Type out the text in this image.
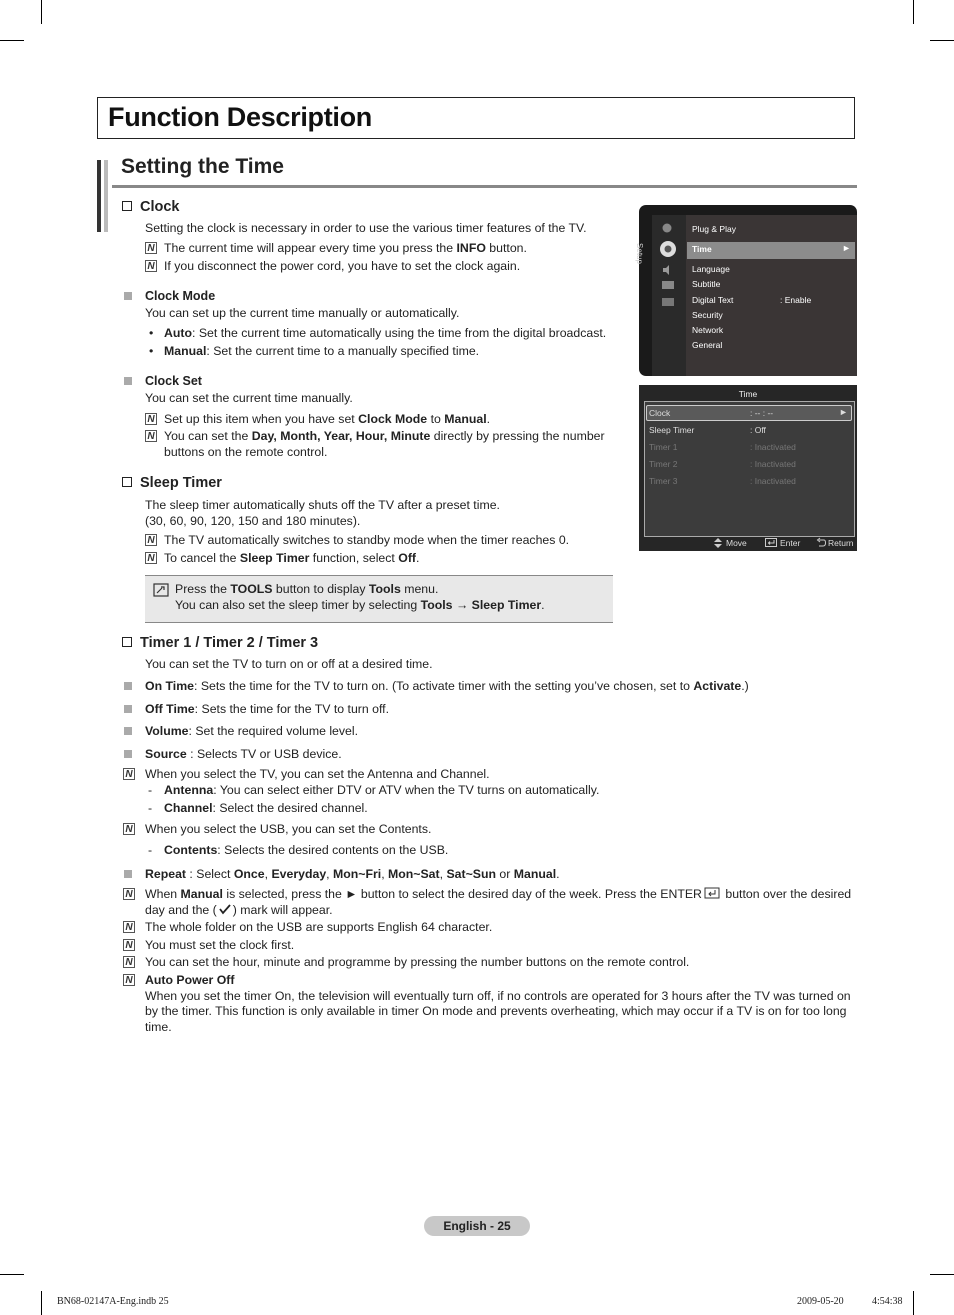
Function Description
Setting the Time
Clock
Setting the clock is necessary in order to use the various timer features of the TV.
N The current time will appear every time you press the INFO button.
N If you disconnect the power cord, you have to set the clock again.
Clock Mode
You can set up the current time manually or automatically.
• Auto: Set the current time automatically using the time from the digital broadcast.
• Manual: Set the current time to a manually specified time.
Clock Set
You can set the current time manually.
N Set up this item when you have set Clock Mode to Manual.
N You can set the Day, Month, Year, Hour, Minute directly by pressing the number
buttons on the remote control.
Sleep Timer
The sleep timer automatically shuts off the TV after a preset time.
(30, 60, 90, 120, 150 and 180 minutes).
N The TV automatically switches to standby mode when the timer reaches 0.
N To cancel the Sleep Timer function, select Off.
Press the TOOLS button to display Tools menu.
You can also set the sleep timer by selecting Tools → Sleep Timer.
Timer 1 / Timer 2 / Timer 3
You can set the TV to turn on or off at a desired time.
On Time: Sets the time for the TV to turn on. (To activate timer with the setting you’ve chosen, set to Activate.)
Off Time: Sets the time for the TV to turn off.
Volume: Set the required volume level.
Source : Selects TV or USB device.
N When you select the TV, you can set the Antenna and Channel.
- Antenna: You can select either DTV or ATV when the TV turns on automatically.
- Channel: Select the desired channel.
N When you select the USB, you can set the Contents.
- Contents: Selects the desired contents on the USB.
Repeat : Select Once, Everyday, Mon~Fri, Mon~Sat, Sat~Sun or Manual.
N When Manual is selected, press the ► button to select the desired day of the week. Press the ENTER button over the desired
day and the ( ) mark will appear.
N The whole folder on the USB are supports English 64 character.
N You must set the clock first.
N You can set the hour, minute and programme by pressing the number buttons on the remote control.
N Auto Power Off
When you set the timer On, the television will eventually turn off, if no controls are operated for 3 hours after the TV was turned on
by the timer. This function is only available in timer On mode and prevents overheating, which may occur if a TV is on for too long
time.
Setup
Plug & Play
Time	►
Language
Subtitle
Digital Text	: Enable
Security
Network
General
Time
Clock	: -- : --	►
Sleep Timer	: Off
Timer 1	: Inactivated
Timer 2	: Inactivated
Timer 3	: Inactivated
Move	Enter	Return
English - 25
BN68-02147A-Eng.indb 25	2009-05-20	4:54:38
